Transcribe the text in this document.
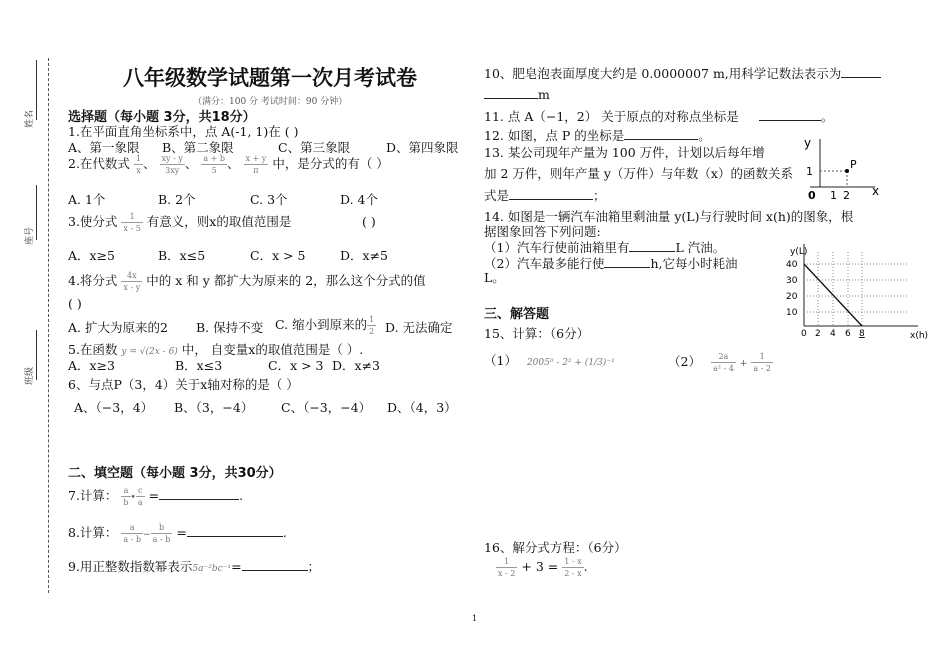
姓名
座号
班级
八年级数学试题第一次月考试卷
（满分：100 分 考试时间：90 分钟）
选择题（每小题 3分，共18分）
1.在平面直角坐标系中，点 A(-1, 1)在 ( )
A、第一象限 B、第二象限	C、第三象限	D、第四象限
2.在代数式 $\frac{1}{x}$ 、 $\frac{xy - y}{3xy}$ 、 $\frac{a + b}{5}$ 、 $\frac{x + y}{\pi}$ 中，是分式的有（ ）
A. 1个	B. 2个	C. 3个	D. 4个
3.使分式 $\frac{1}{x - 5}$ 有意义，则x的取值范围是	( )
A．x≥5	B．x≤5	C．x > 5	D．x≠5
4.将分式 $\frac{4x}{x - y}$ 中的 x 和 y 都扩大为原来的 2，那么这个分式的值
( )
A. 扩大为原来的2 B. 保持不变 C. 缩小到原来的 $\frac{1}{2} D$. 无法确定
5.在函数 y = √(2x - 6) 中， 自变量x的取值范围是（ ）.
A．x≥3	B．x≤3	C．x > 3 D．x≠3
6、与点P（3，4）关于x轴对称的是（ ）
A、（−3，4） B、（3，−4） C、（−3，−4） D、（4，3）
二、填空题（每小题 3分，共30分）
7.计算： $\frac{a}{b}$ • $\frac{c}{a}$ =	.
8.计算： $\frac{a}{a - b} - \frac{b}{a - b}$ =	.
9.用正整数指数幂表示5a⁻²bc⁻¹=	；
10、肥皂泡表面厚度大约是 0.0000007 m,用科学记数法表示为
m
11. 点 A（−1，2） 关于原点的对称点坐标是	。
12. 如图，点 P 的坐标是	。
13. 某公司现年产量为 100 万件，计划以后每年增
加 2 万件，则年产量 y（万件）与年数（x）的函数关系
式是	；
y
x
0 1 2
1
P
14. 如图是一辆汽车油箱里剩油量 y(L)与行驶时间 x(h)的图象，根
据图象回答下列问题:
（1）汽车行使前油箱里有	L 汽油。
（2）汽车最多能行使	h,它每小时耗油
L。
y(L)
x(h)
40
30
20
10
0 2 4 6 8
三、解答题
15、计算：（6分）
（1） 2005⁰ - 2² + (1/3)⁻¹	$(2) \frac{2a}{\text{a² - 4}} + \frac{1}{a - 2}$
16、解分式方程：（6分）
$\frac{1}{x - 2} + 3 = \frac{1 - x}{2 - x}$ .
1
